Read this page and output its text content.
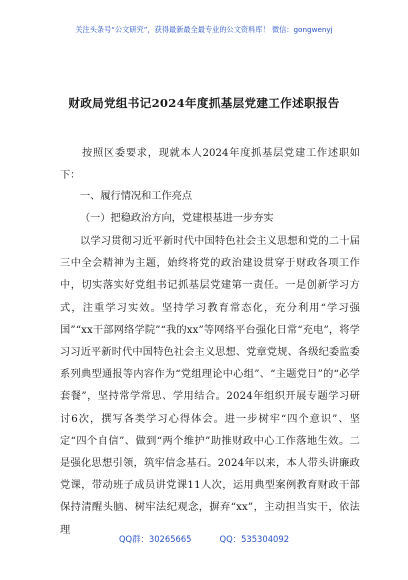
关注头条号“公文研究”，获得最新最全最专业的公文资料库！ 微信：gongwenyj
财政局党组书记2024年度抓基层党建工作述职报告

按照区委要求，现就本人2024年度抓基层党建工作述职如下：

一、履行情况和工作亮点
（一）把稳政治方向，党建根基进一步夯实

以学习贯彻习近平新时代中国特色社会主义思想和党的二十届三中全会精神为主题，始终将党的政治建设贯穿于财政各项工作中，切实落实好党组书记抓基层党建第一责任。一是创新学习方式，注重学习实效。坚持学习教育常态化，充分利用“学习强国”“xx干部网络学院”“我的xx”等网络平台强化日常“充电”，将学习习近平新时代中国特色社会主义思想、党章党规、各级纪委监委系列典型通报等内容作为“党组理论中心组”、“主题党日”的“必学套餐”，坚持常学常思、学用结合。2024年组织开展专题学习研讨6次，撰写各类学习心得体会。进一步树牢“四个意识”、坚定“四个自信”、做到“两个维护”助推财政中心工作落地生效。二是强化思想引领，筑牢信念基石。2024年以来，本人带头讲廉政党课，带动班子成员讲党课11人次，运用典型案例教育财政干部保持清醒头脑、树牢法纪观念，摒弃“xx”，主动担当实干，依法理

QQ群：30265665	QQ：535304092
